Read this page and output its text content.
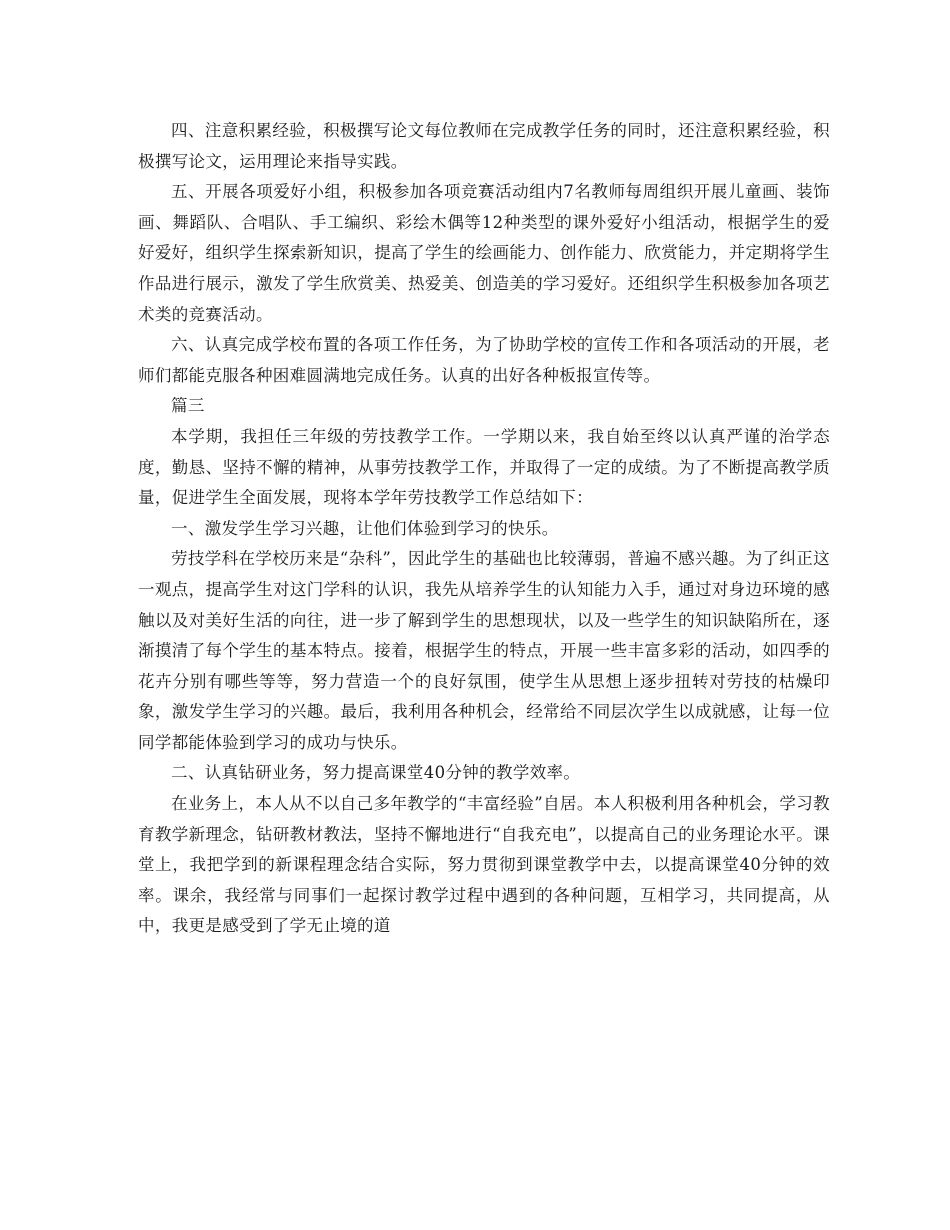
四、注意积累经验，积极撰写论文每位教师在完成教学任务的同时，还注意积累经验，积极撰写论文，运用理论来指导实践。

五、开展各项爱好小组，积极参加各项竞赛活动组内7名教师每周组织开展儿童画、装饰画、舞蹈队、合唱队、手工编织、彩绘木偶等12种类型的课外爱好小组活动，根据学生的爱好爱好，组织学生探索新知识，提高了学生的绘画能力、创作能力、欣赏能力，并定期将学生作品进行展示，激发了学生欣赏美、热爱美、创造美的学习爱好。还组织学生积极参加各项艺术类的竞赛活动。

六、认真完成学校布置的各项工作任务，为了协助学校的宣传工作和各项活动的开展，老师们都能克服各种困难圆满地完成任务。认真的出好各种板报宣传等。

篇三

本学期，我担任三年级的劳技教学工作。一学期以来，我自始至终以认真严谨的治学态度，勤恳、坚持不懈的精神，从事劳技教学工作，并取得了一定的成绩。为了不断提高教学质量，促进学生全面发展，现将本学年劳技教学工作总结如下：

一、激发学生学习兴趣，让他们体验到学习的快乐。

劳技学科在学校历来是“杂科”，因此学生的基础也比较薄弱，普遍不感兴趣。为了纠正这一观点，提高学生对这门学科的认识，我先从培养学生的认知能力入手，通过对身边环境的感触以及对美好生活的向往，进一步了解到学生的思想现状，以及一些学生的知识缺陷所在，逐渐摸清了每个学生的基本特点。接着，根据学生的特点，开展一些丰富多彩的活动，如四季的花卉分别有哪些等等，努力营造一个的良好氛围，使学生从思想上逐步扭转对劳技的枯燥印象，激发学生学习的兴趣。最后，我利用各种机会，经常给不同层次学生以成就感，让每一位同学都能体验到学习的成功与快乐。

二、认真钻研业务，努力提高课堂40分钟的教学效率。

在业务上，本人从不以自己多年教学的“丰富经验”自居。本人积极利用各种机会，学习教育教学新理念，钻研教材教法，坚持不懈地进行“自我充电”，以提高自己的业务理论水平。课堂上，我把学到的新课程理念结合实际，努力贯彻到课堂教学中去，以提高课堂40分钟的效率。课余，我经常与同事们一起探讨教学过程中遇到的各种问题，互相学习，共同提高，从中，我更是感受到了学无止境的道
